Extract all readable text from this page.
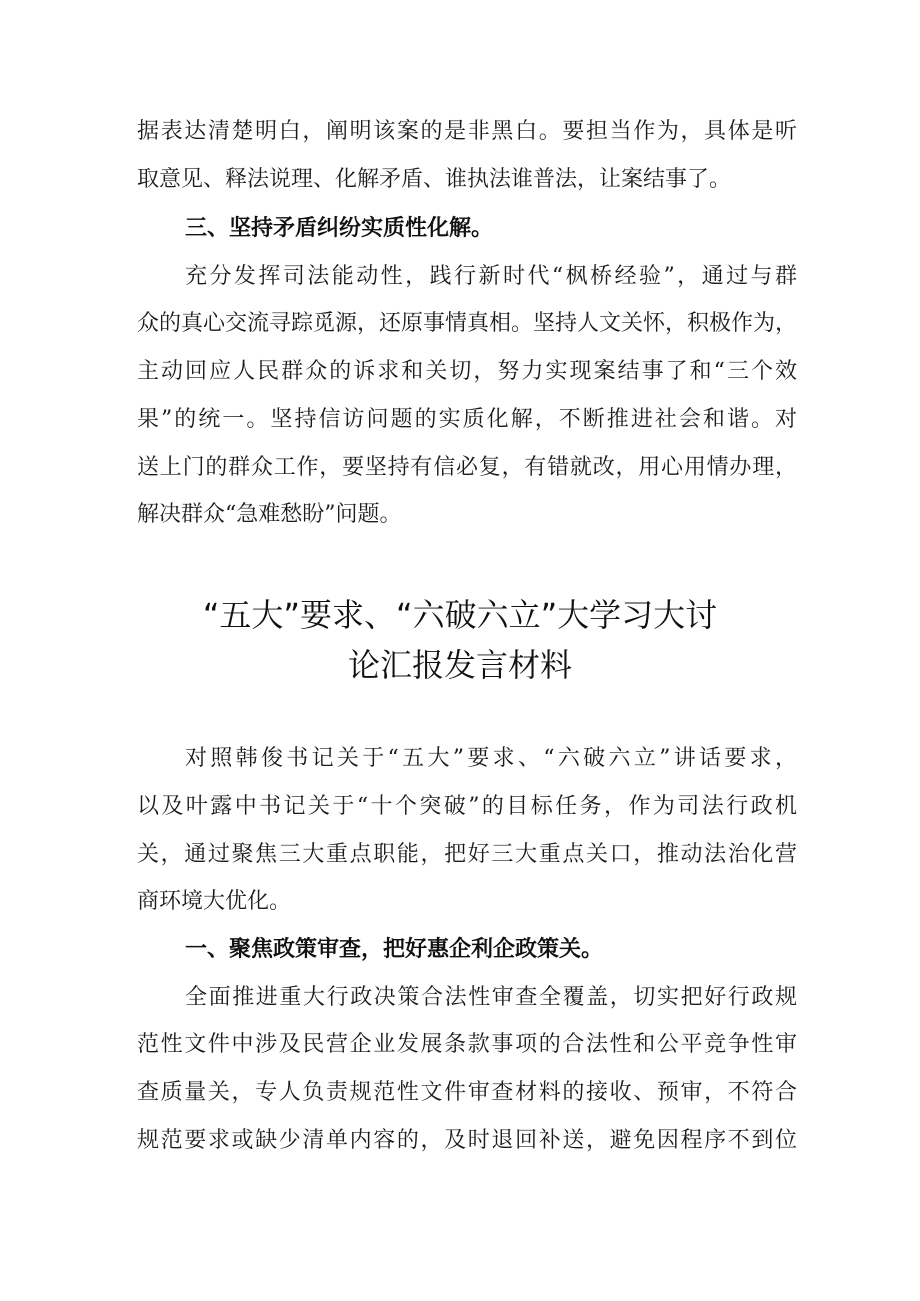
据表达清楚明白，阐明该案的是非黑白。要担当作为，具体是听
取意见、释法说理、化解矛盾、谁执法谁普法，让案结事了。
三、坚持矛盾纠纷实质性化解。
充分发挥司法能动性，践行新时代“枫桥经验”，通过与群
众的真心交流寻踪觅源，还原事情真相。坚持人文关怀，积极作为，
主动回应人民群众的诉求和关切，努力实现案结事了和“三个效
果”的统一。坚持信访问题的实质化解，不断推进社会和谐。对
送上门的群众工作，要坚持有信必复，有错就改，用心用情办理，
解决群众“急难愁盼”问题。
“五大”要求、“六破六立”大学习大讨
论汇报发言材料
对照韩俊书记关于“五大”要求、“六破六立”讲话要求，
以及叶露中书记关于“十个突破”的目标任务，作为司法行政机
关，通过聚焦三大重点职能，把好三大重点关口，推动法治化营
商环境大优化。
一、聚焦政策审查，把好惠企利企政策关。
全面推进重大行政决策合法性审查全覆盖，切实把好行政规
范性文件中涉及民营企业发展条款事项的合法性和公平竞争性审
查质量关，专人负责规范性文件审查材料的接收、预审，不符合
规范要求或缺少清单内容的，及时退回补送，避免因程序不到位
